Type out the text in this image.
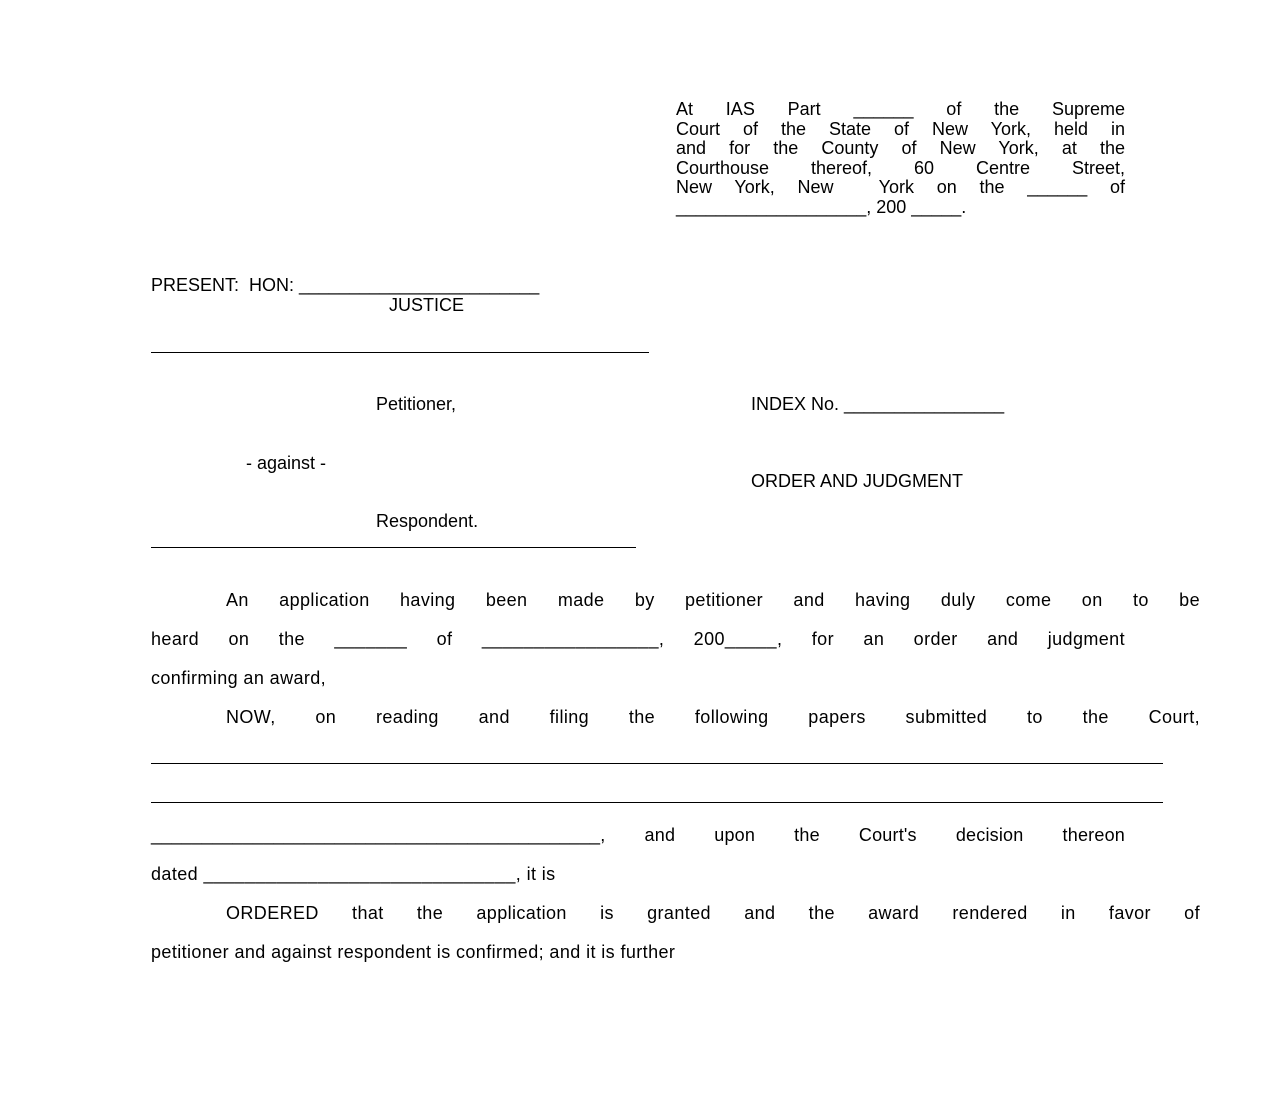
At IAS Part ______ of the Supreme
Court of the State of New York, held in
and for the County of New York, at the
Courthouse thereof, 60 Centre Street,
New York, New  York on the ______ of
___________________, 200 _____.
PRESENT:  HON: ________________________
JUSTICE
Petitioner,	INDEX No. ________________
- against -
ORDER AND JUDGMENT
Respondent.
An application having been made by petitioner and having duly come on to be
heard on the _______ of _________________, 200_____, for an order and judgment
confirming an award,
NOW, on reading and filing the following papers submitted to the Court,
____________________________________________, and upon the Court's decision thereon
dated ______________________________, it is
ORDERED that the application is granted and the award rendered in favor of
petitioner and against respondent is confirmed; and it is further
